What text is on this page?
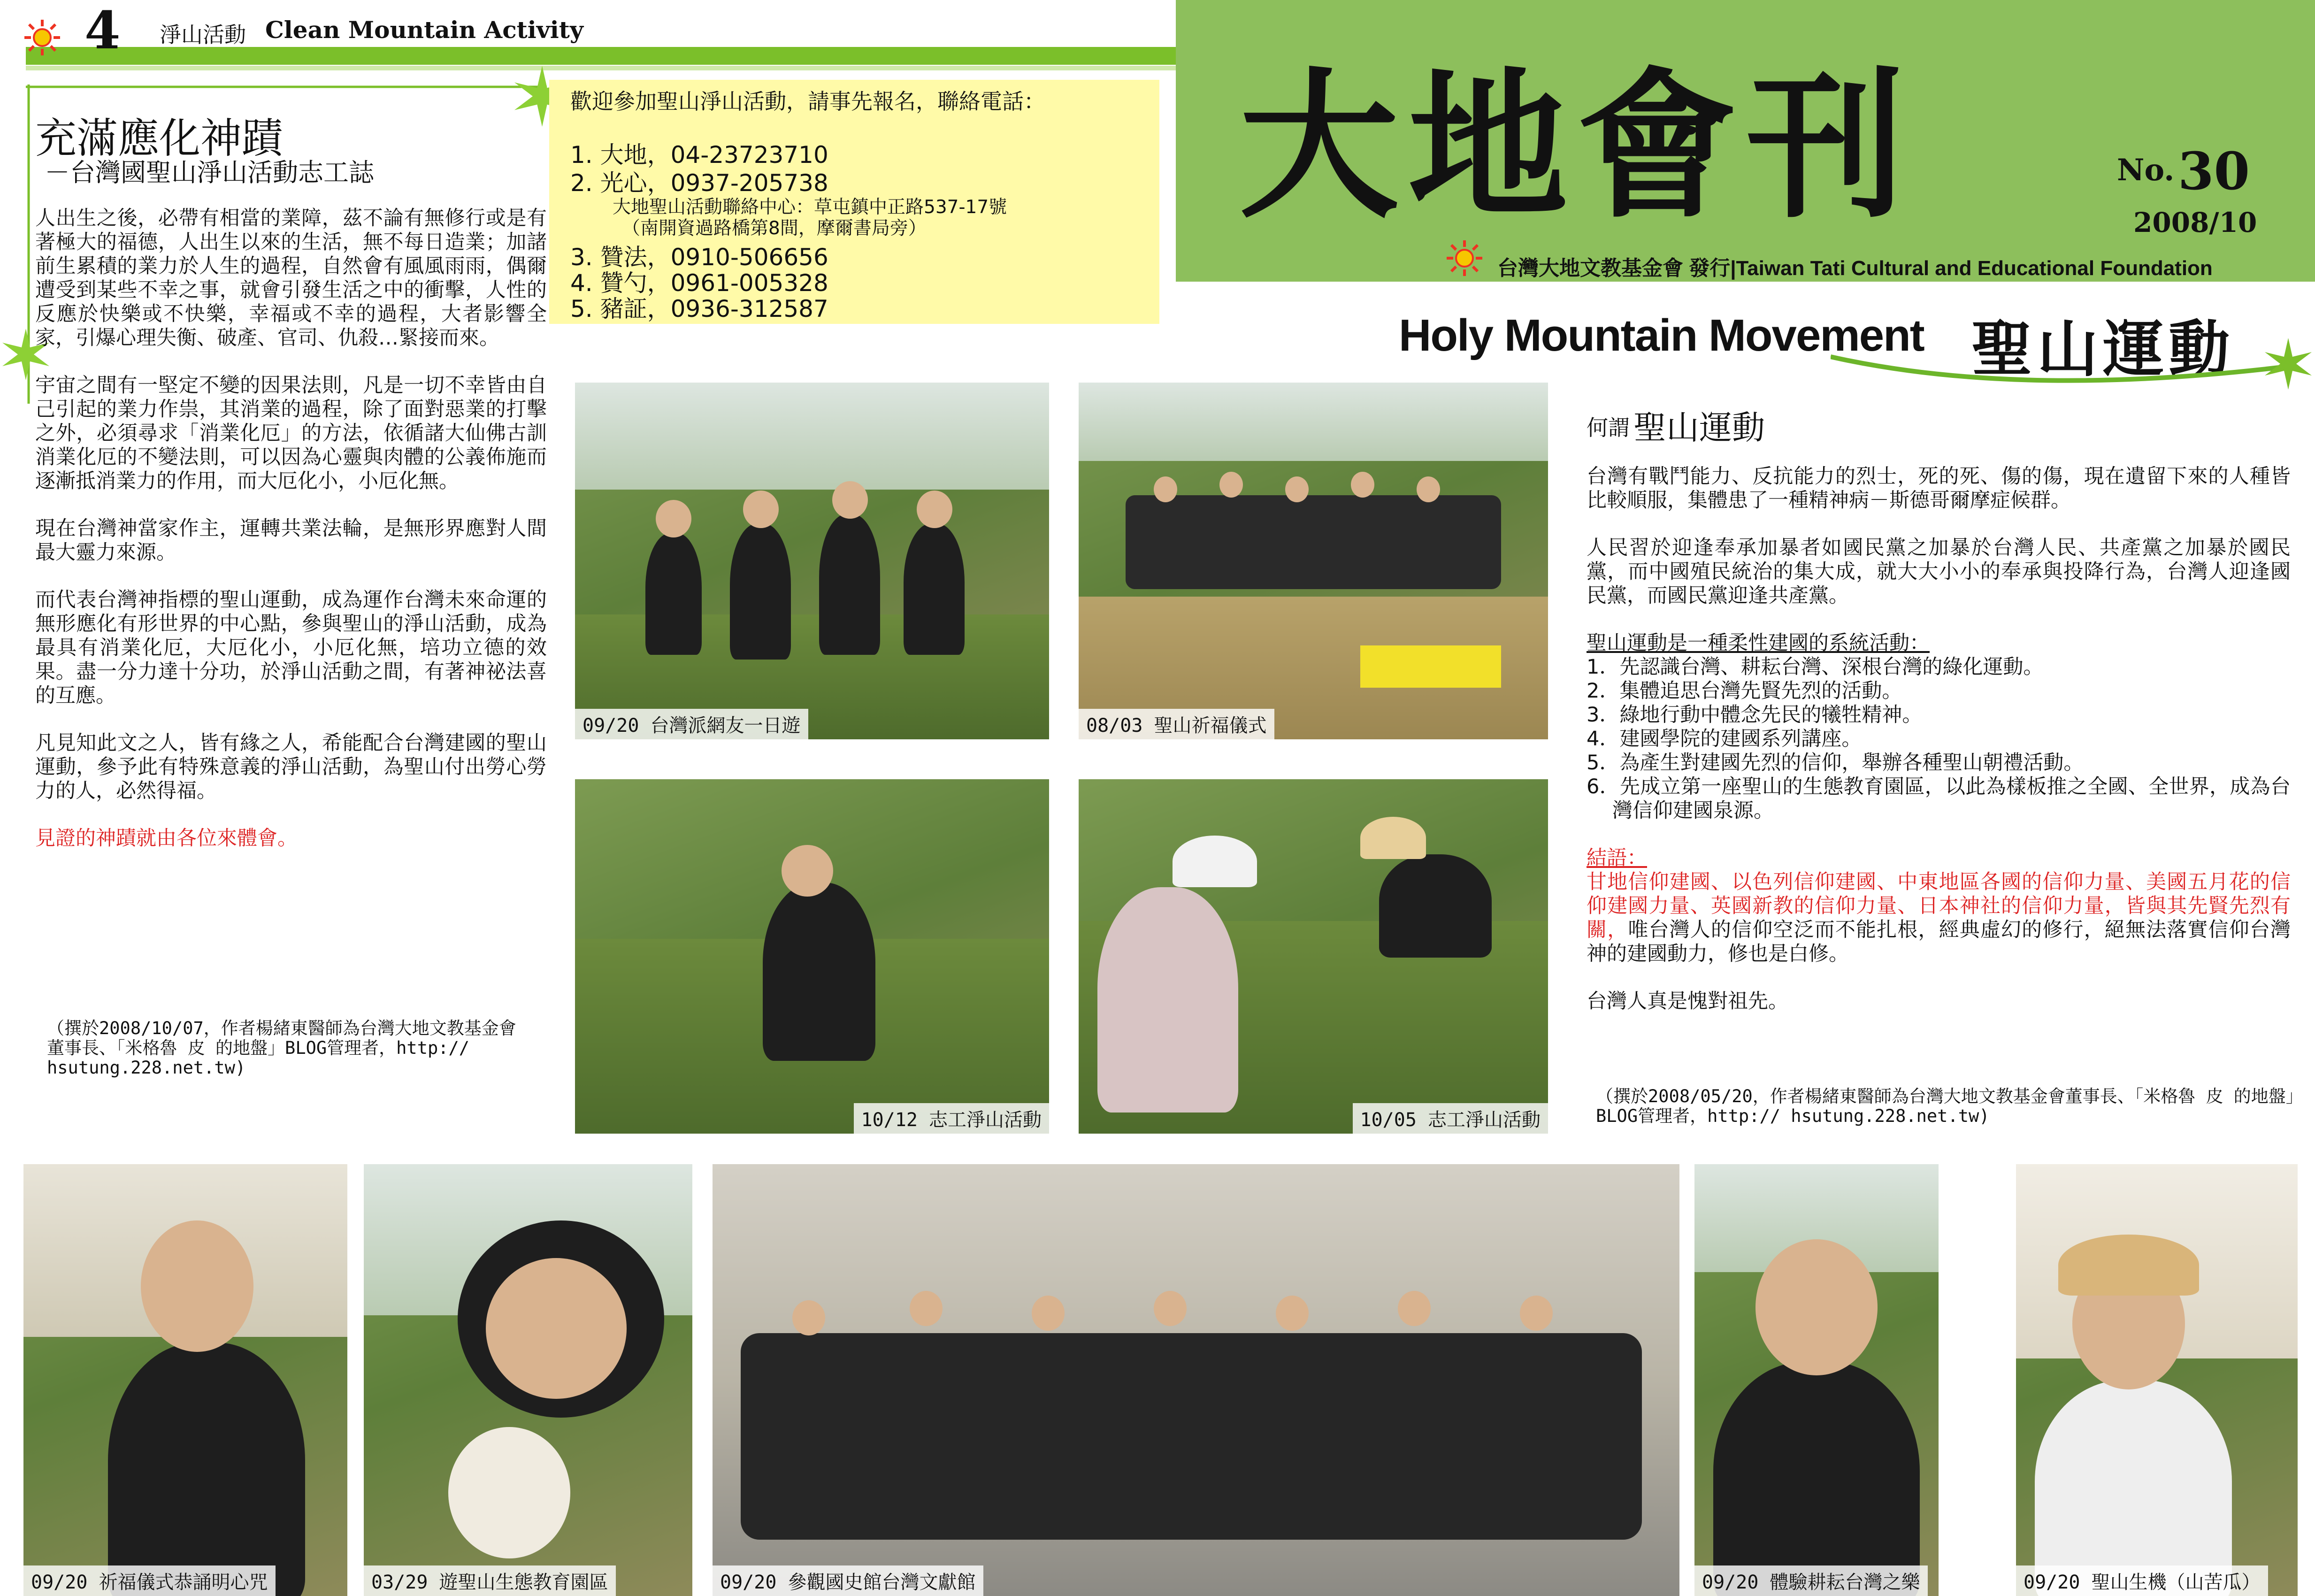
4 淨山活動 Clean Mountain Activity
大地會刊	No. 30
2008/10
台灣大地文教基金會 發行|Taiwan Tati Cultural and Educational Foundation
Holy Mountain Movement 聖山運動
充滿應化神蹟
－台灣國聖山淨山活動志工誌

人出生之後，必帶有相當的業障，茲不論有無修行或是有著極大的福德，人出生以來的生活，無不每日造業；加諸前生累積的業力於人生的過程，自然會有風風雨雨，偶爾遭受到某些不幸之事，就會引發生活之中的衝擊，人性的反應於快樂或不快樂，幸福或不幸的過程，大者影響全家，引爆心理失衡、破產、官司、仇殺…緊接而來。

宇宙之間有一堅定不變的因果法則，凡是一切不幸皆由自己引起的業力作祟，其消業的過程，除了面對惡業的打擊之外，必須尋求「消業化厄」的方法，依循諸大仙佛古訓消業化厄的不變法則，可以因為心靈與肉體的公義佈施而逐漸抵消業力的作用，而大厄化小，小厄化無。

現在台灣神當家作主，運轉共業法輪，是無形界應對人間最大靈力來源。

而代表台灣神指標的聖山運動，成為運作台灣未來命運的無形應化有形世界的中心點，參與聖山的淨山活動，成為最具有消業化厄，大厄化小，小厄化無，培功立德的效果。盡一分力達十分功，於淨山活動之間，有著神祕法喜的互應。

凡見知此文之人，皆有緣之人，希能配合台灣建國的聖山運動，參予此有特殊意義的淨山活動，為聖山付出勞心勞力的人，必然得福。

見證的神蹟就由各位來體會。

（撰於2008/10/07，作者楊緒東醫師為台灣大地文教基金會董事長、「米格魯 皮 的地盤」BLOG管理者，http:// hsutung.228.net.tw)
歡迎參加聖山淨山活動，請事先報名，聯絡電話：
1. 大地，04-23723710
2. 光心，0937-205738
大地聖山活動聯絡中心：草屯鎮中正路537-17號
（南開資過路橋第8間，摩爾書局旁）
3. 贊法，0910-506656
4. 贊勺，0961-005328
5. 豬証，0936-312587
何謂 聖山運動

台灣有戰鬥能力、反抗能力的烈士，死的死、傷的傷，現在遺留下來的人種皆比較順服，集體患了一種精神病－斯德哥爾摩症候群。

人民習於迎逢奉承加暴者如國民黨之加暴於台灣人民、共產黨之加暴於國民黨，而中國殖民統治的集大成，就大大小小的奉承與投降行為，台灣人迎逢國民黨，而國民黨迎逢共產黨。

聖山運動是一種柔性建國的系統活動：

1．先認識台灣、耕耘台灣、深根台灣的綠化運動。
2．集體追思台灣先賢先烈的活動。
3．綠地行動中體念先民的犧牲精神。
4．建國學院的建國系列講座。
5．為產生對建國先烈的信仰，舉辦各種聖山朝禮活動。
6．先成立第一座聖山的生態教育園區，以此為樣板推之全國、全世界，成為台灣信仰建國泉源。

結語：

甘地信仰建國、以色列信仰建國、中東地區各國的信仰力量、美國五月花的信仰建國力量、英國新教的信仰力量、日本神社的信仰力量，皆與其先賢先烈有關，唯台灣人的信仰空泛而不能扎根，經典虛幻的修行，絕無法落實信仰台灣神的建國動力，修也是白修。

台灣人真是愧對祖先。

（撰於2008/05/20，作者楊緒東醫師為台灣大地文教基金會董事長、「米格魯 皮 的地盤」BLOG管理者，http:// hsutung.228.net.tw)
09/20 台灣派網友一日遊	08/03 聖山祈福儀式
10/12 志工淨山活動	10/05 志工淨山活動
09/20 祈福儀式恭誦明心咒	03/29 遊聖山生態教育園區	09/20 參觀國史館台灣文獻館	09/20 體驗耕耘台灣之樂	09/20 聖山生機（山苦瓜）
